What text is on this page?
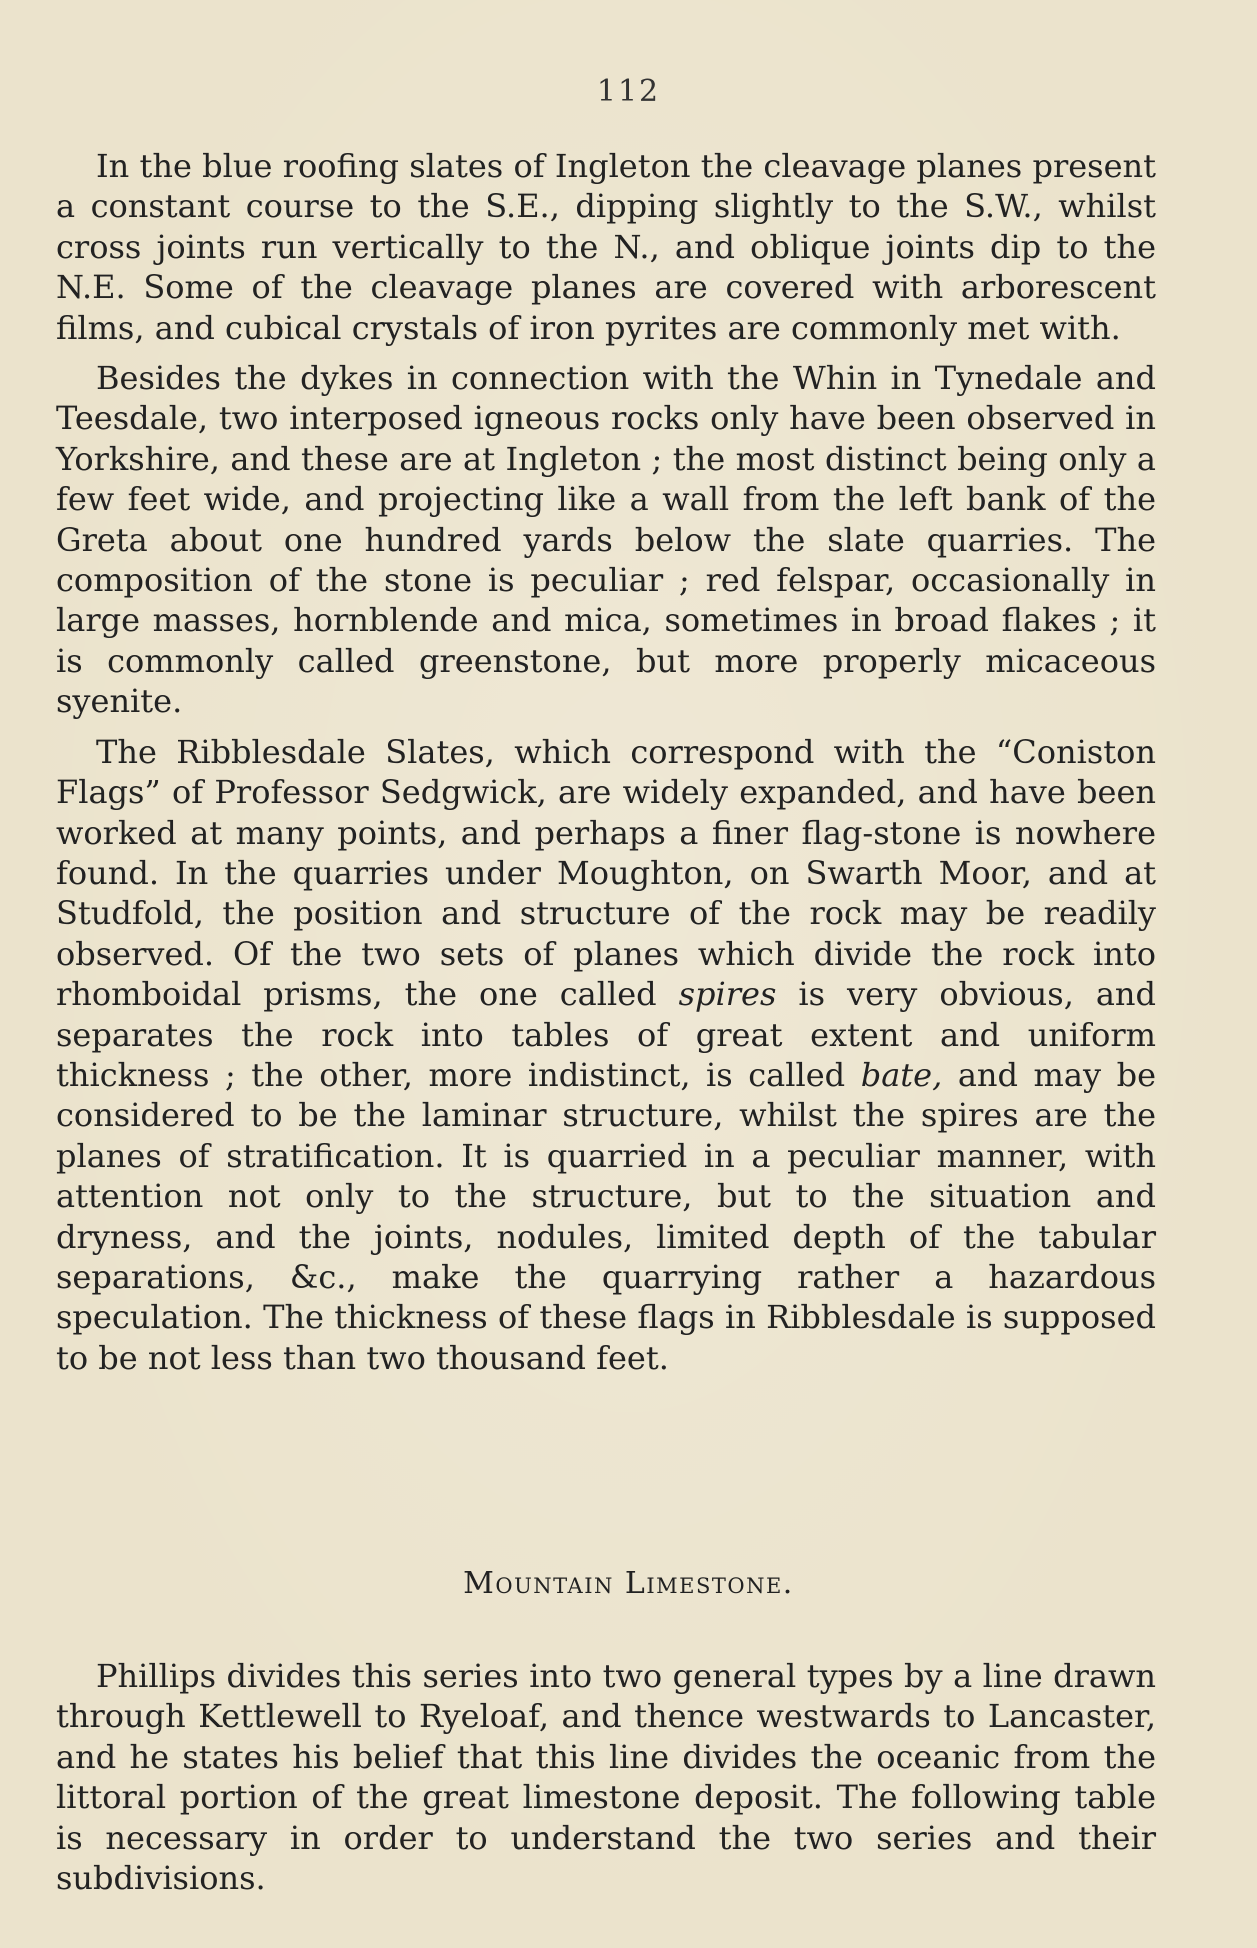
112

In the blue roofing slates of Ingleton the cleavage planes present a constant course to the S.E., dipping slightly to the S.W., whilst cross joints run vertically to the N., and oblique joints dip to the N.E. Some of the cleavage planes are covered with arborescent films, and cubical crystals of iron pyrites are commonly met with.

Besides the dykes in connection with the Whin in Tynedale and Teesdale, two interposed igneous rocks only have been observed in Yorkshire, and these are at Ingleton ; the most distinct being only a few feet wide, and projecting like a wall from the left bank of the Greta about one hundred yards below the slate quarries. The composition of the stone is peculiar ; red felspar, occasionally in large masses, hornblende and mica, sometimes in broad flakes ; it is commonly called greenstone, but more properly micaceous syenite.

The Ribblesdale Slates, which correspond with the “Coniston Flags” of Professor Sedgwick, are widely expanded, and have been worked at many points, and perhaps a finer flag-stone is nowhere found. In the quarries under Moughton, on Swarth Moor, and at Studfold, the position and structure of the rock may be readily observed. Of the two sets of planes which divide the rock into rhomboidal prisms, the one called spires is very obvious, and separates the rock into tables of great extent and uniform thickness ; the other, more indistinct, is called bate, and may be considered to be the laminar structure, whilst the spires are the planes of stratification. It is quarried in a peculiar manner, with attention not only to the structure, but to the situation and dryness, and the joints, nodules, limited depth of the tabular separations, &c., make the quarrying rather a hazardous speculation. The thickness of these flags in Ribblesdale is supposed to be not less than two thousand feet.

Mountain Limestone.

Phillips divides this series into two general types by a line drawn through Kettlewell to Ryeloaf, and thence westwards to Lancaster, and he states his belief that this line divides the oceanic from the littoral portion of the great limestone deposit. The following table is necessary in order to understand the two series and their subdivisions.
